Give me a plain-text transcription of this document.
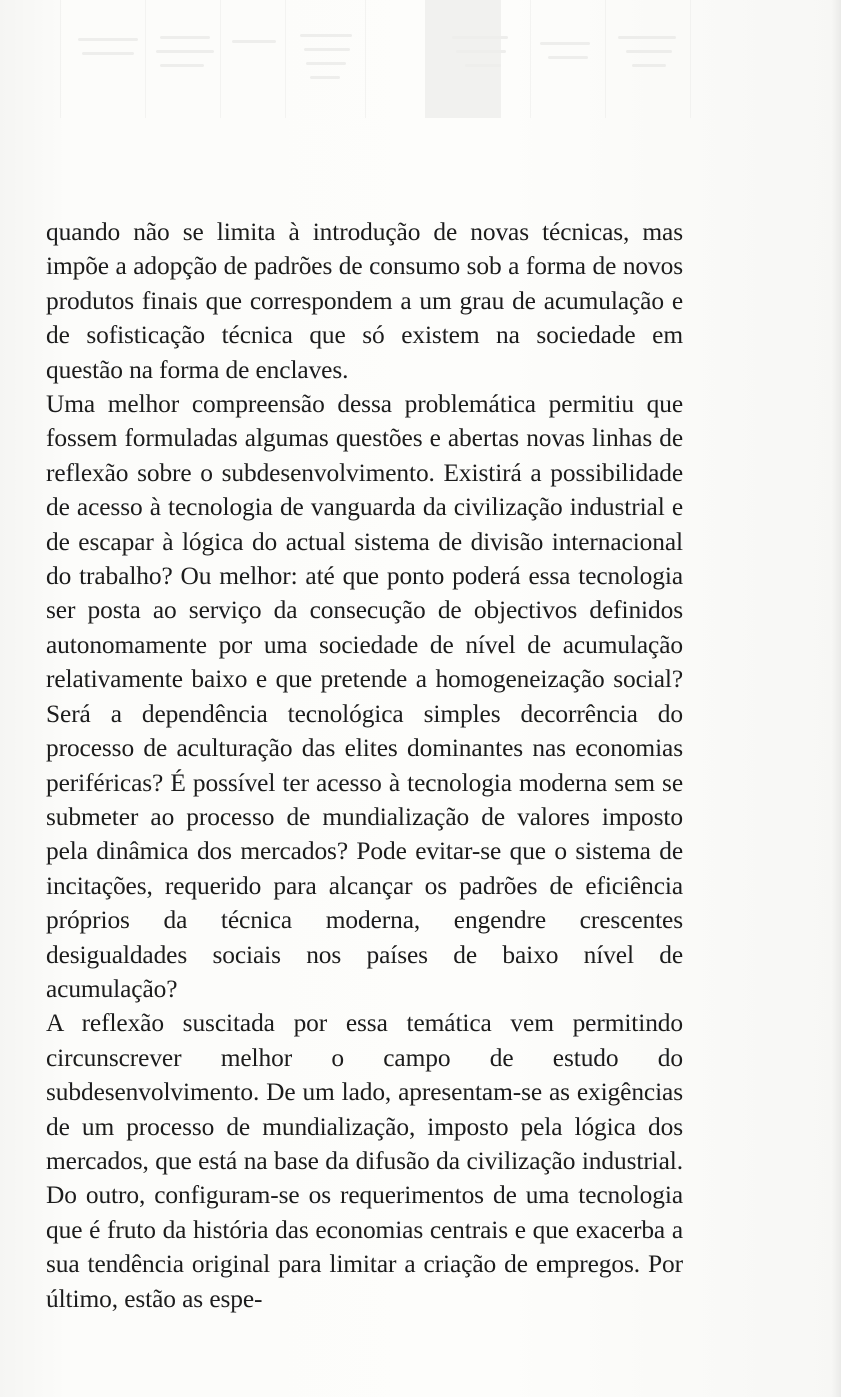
quando não se limita à introdução de novas técnicas, mas impõe a adopção de padrões de consumo sob a forma de novos produtos finais que correspondem a um grau de acumulação e de sofisticação técnica que só existem na sociedade em questão na forma de enclaves.

Uma melhor compreensão dessa problemática permitiu que fossem formuladas algumas questões e abertas novas linhas de reflexão sobre o subdesenvolvimento. Existirá a possibilidade de acesso à tecnologia de vanguarda da civilização industrial e de escapar à lógica do actual sistema de divisão internacional do trabalho? Ou melhor: até que ponto poderá essa tecnologia ser posta ao serviço da consecução de objectivos definidos autonomamente por uma sociedade de nível de acumulação relativamente baixo e que pretende a homogeneização social? Será a dependência tecnológica simples decorrência do processo de aculturação das elites dominantes nas economias periféricas? É possível ter acesso à tecnologia moderna sem se submeter ao processo de mundialização de valores imposto pela dinâmica dos mercados? Pode evitar-se que o sistema de incitações, requerido para alcançar os padrões de eficiência próprios da técnica moderna, engendre crescentes desigualdades sociais nos países de baixo nível de acumulação?

A reflexão suscitada por essa temática vem permitindo circunscrever melhor o campo de estudo do subdesenvolvimento. De um lado, apresentam-se as exigências de um processo de mundialização, imposto pela lógica dos mercados, que está na base da difusão da civilização industrial. Do outro, configuram-se os requerimentos de uma tecnologia que é fruto da história das economias centrais e que exacerba a sua tendência original para limitar a criação de empregos. Por último, estão as espe-
